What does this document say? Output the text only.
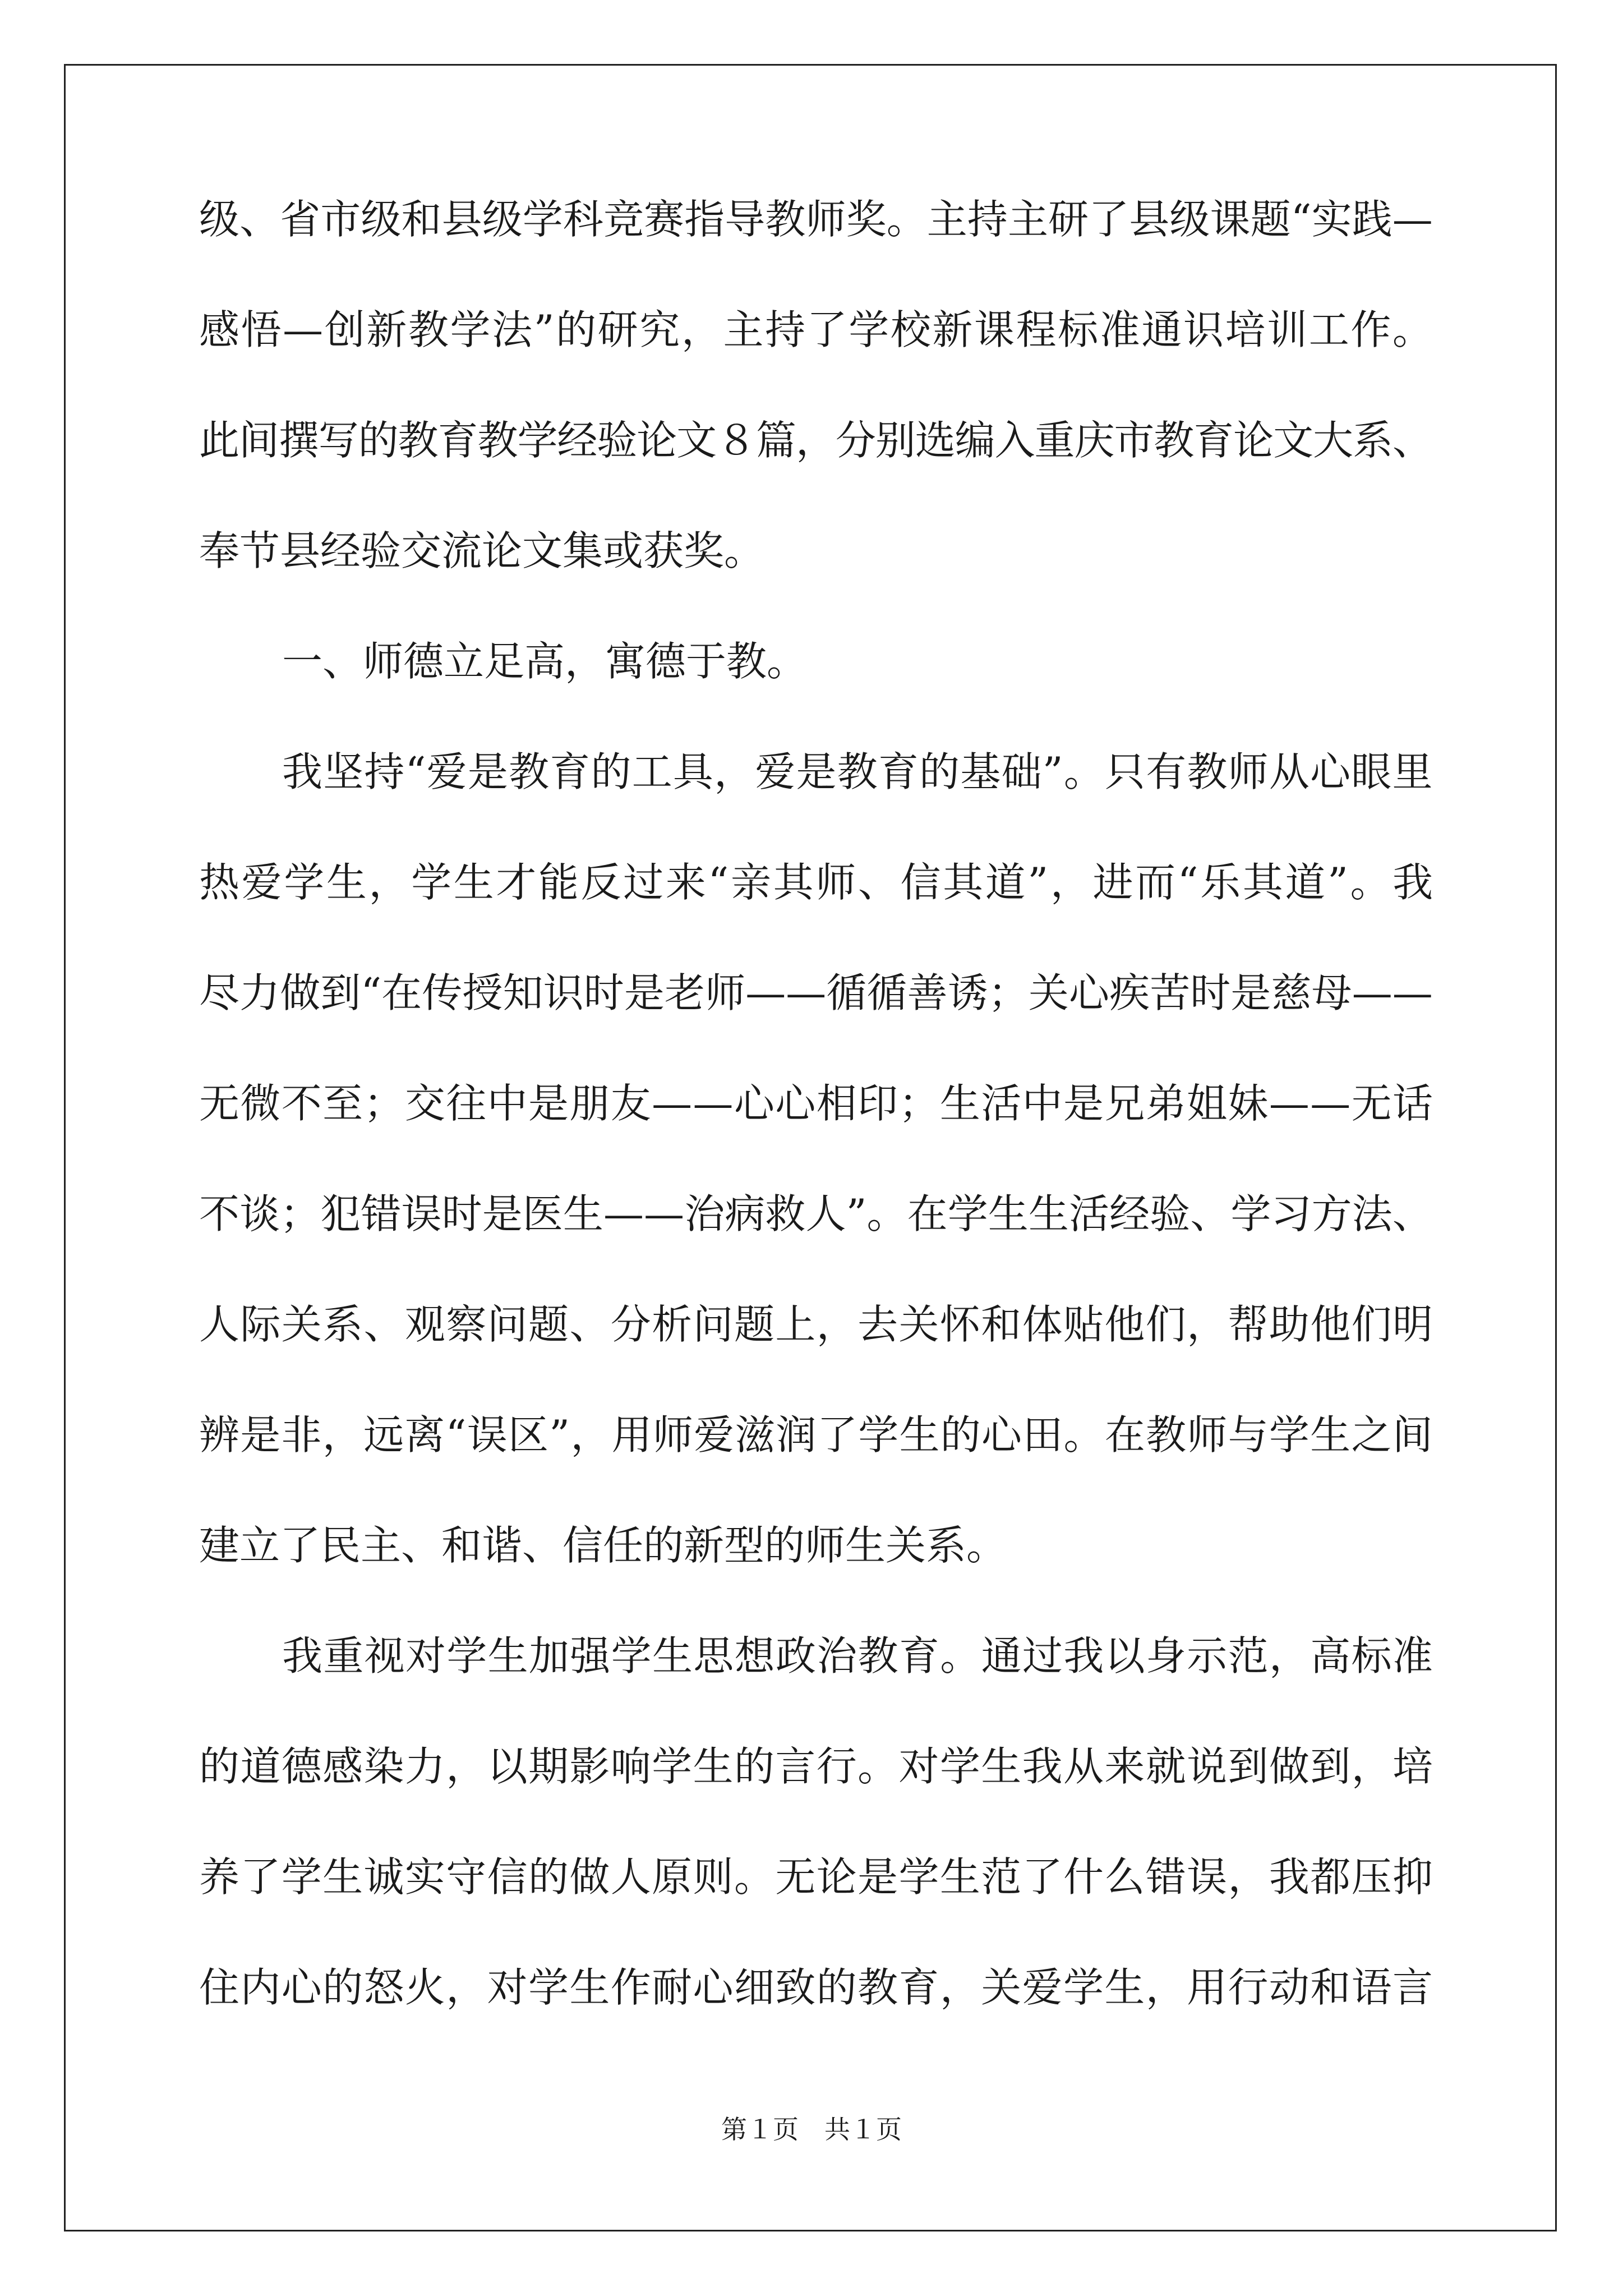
级、省市级和县级学科竞赛指导教师奖。主持主研了县级课题“实践—
感悟—创新教学法”的研究，主持了学校新课程标准通识培训工作。
此间撰写的教育教学经验论文８篇，分别选编入重庆市教育论文大系、
奉节县经验交流论文集或获奖。
一、师德立足高，寓德于教。
我坚持“爱是教育的工具，爱是教育的基础”。只有教师从心眼里
热爱学生，学生才能反过来“亲其师、信其道”，进而“乐其道”。我
尽力做到“在传授知识时是老师——循循善诱；关心疾苦时是慈母——
无微不至；交往中是朋友——心心相印；生活中是兄弟姐妹——无话
不谈；犯错误时是医生——治病救人”。在学生生活经验、学习方法、
人际关系、观察问题、分析问题上，去关怀和体贴他们，帮助他们明
辨是非，远离“误区”，用师爱滋润了学生的心田。在教师与学生之间
建立了民主、和谐、信任的新型的师生关系。
我重视对学生加强学生思想政治教育。通过我以身示范，高标准
的道德感染力，以期影响学生的言行。对学生我从来就说到做到，培
养了学生诚实守信的做人原则。无论是学生范了什么错误，我都压抑
住内心的怒火，对学生作耐心细致的教育，关爱学生，用行动和语言
第１页　共１页
